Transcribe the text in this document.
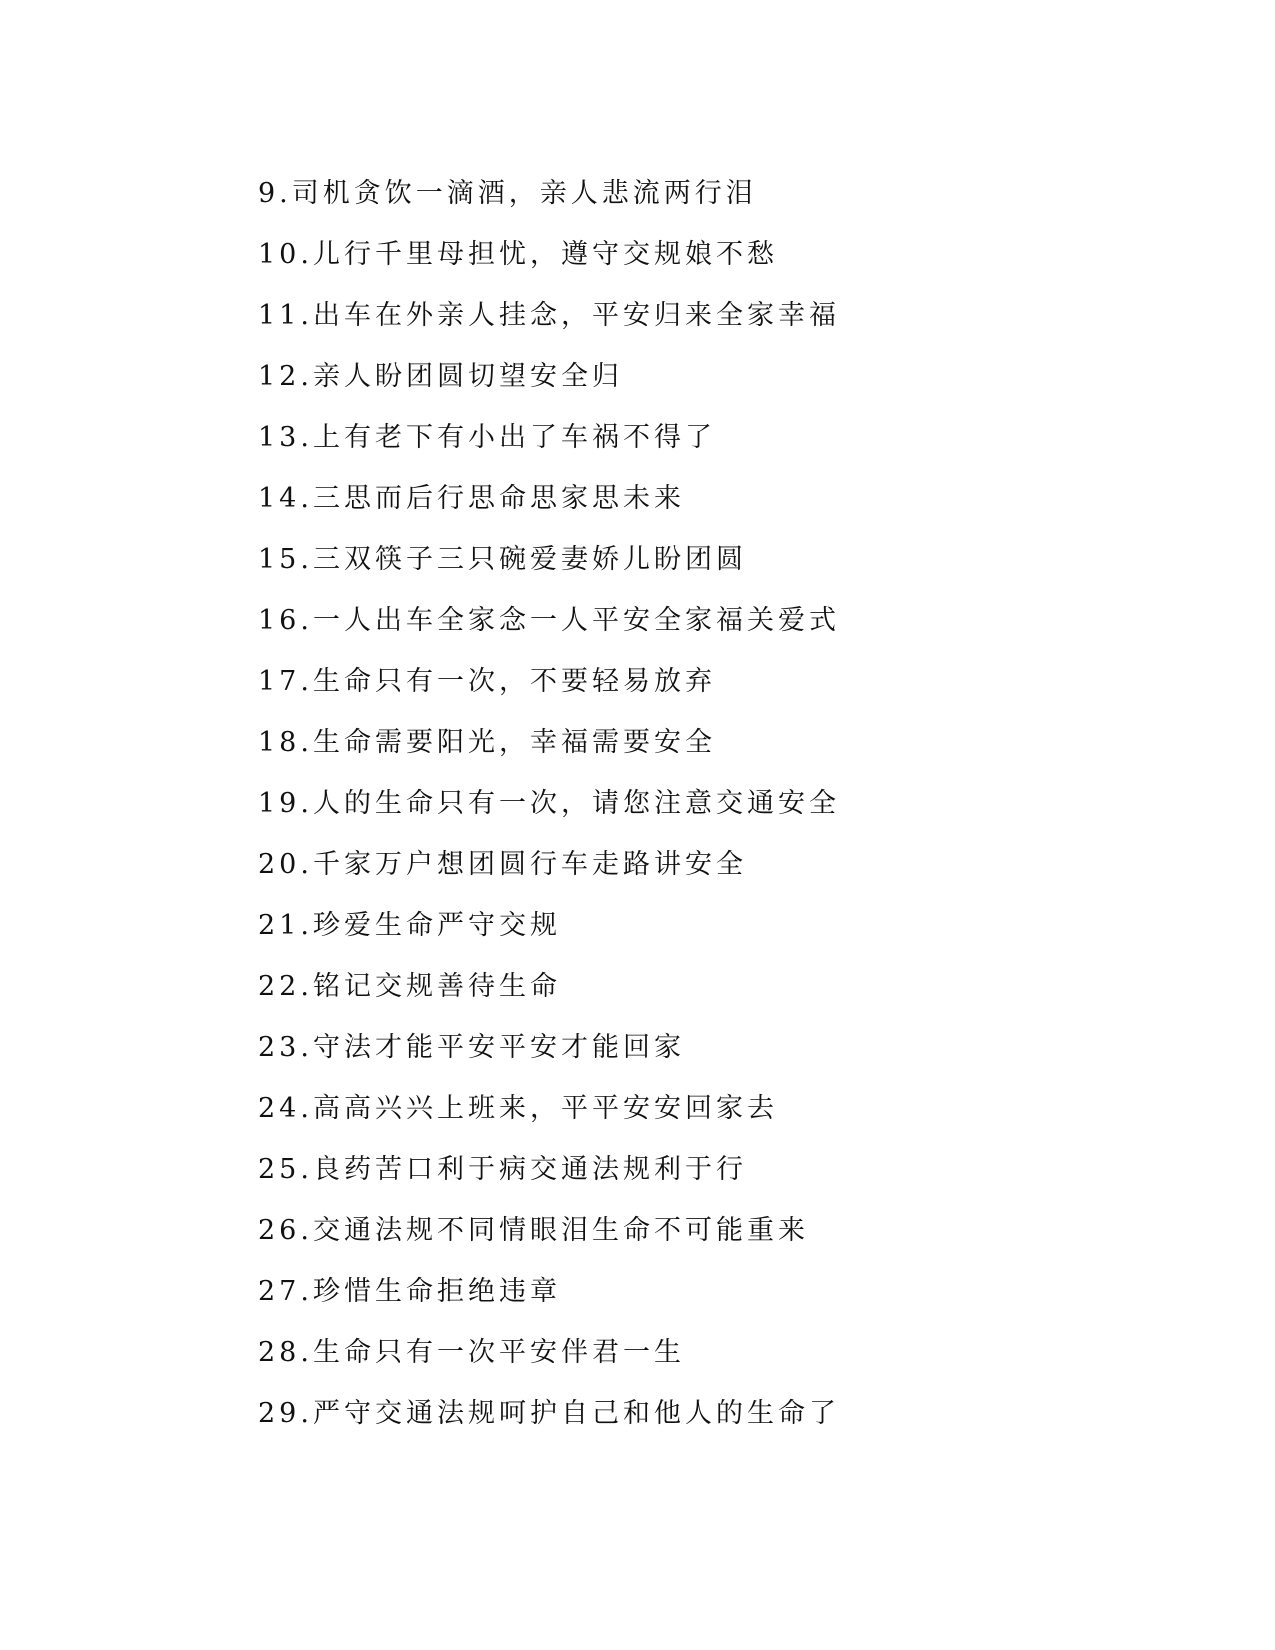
9.司机贪饮一滴酒，亲人悲流两行泪
10.儿行千里母担忧，遵守交规娘不愁
11.出车在外亲人挂念，平安归来全家幸福
12.亲人盼团圆切望安全归
13.上有老下有小出了车祸不得了
14.三思而后行思命思家思未来
15.三双筷子三只碗爱妻娇儿盼团圆
16.一人出车全家念一人平安全家福关爱式
17.生命只有一次，不要轻易放弃
18.生命需要阳光，幸福需要安全
19.人的生命只有一次，请您注意交通安全
20.千家万户想团圆行车走路讲安全
21.珍爱生命严守交规
22.铭记交规善待生命
23.守法才能平安平安才能回家
24.高高兴兴上班来，平平安安回家去
25.良药苦口利于病交通法规利于行
26.交通法规不同情眼泪生命不可能重来
27.珍惜生命拒绝违章
28.生命只有一次平安伴君一生
29.严守交通法规呵护自己和他人的生命了
